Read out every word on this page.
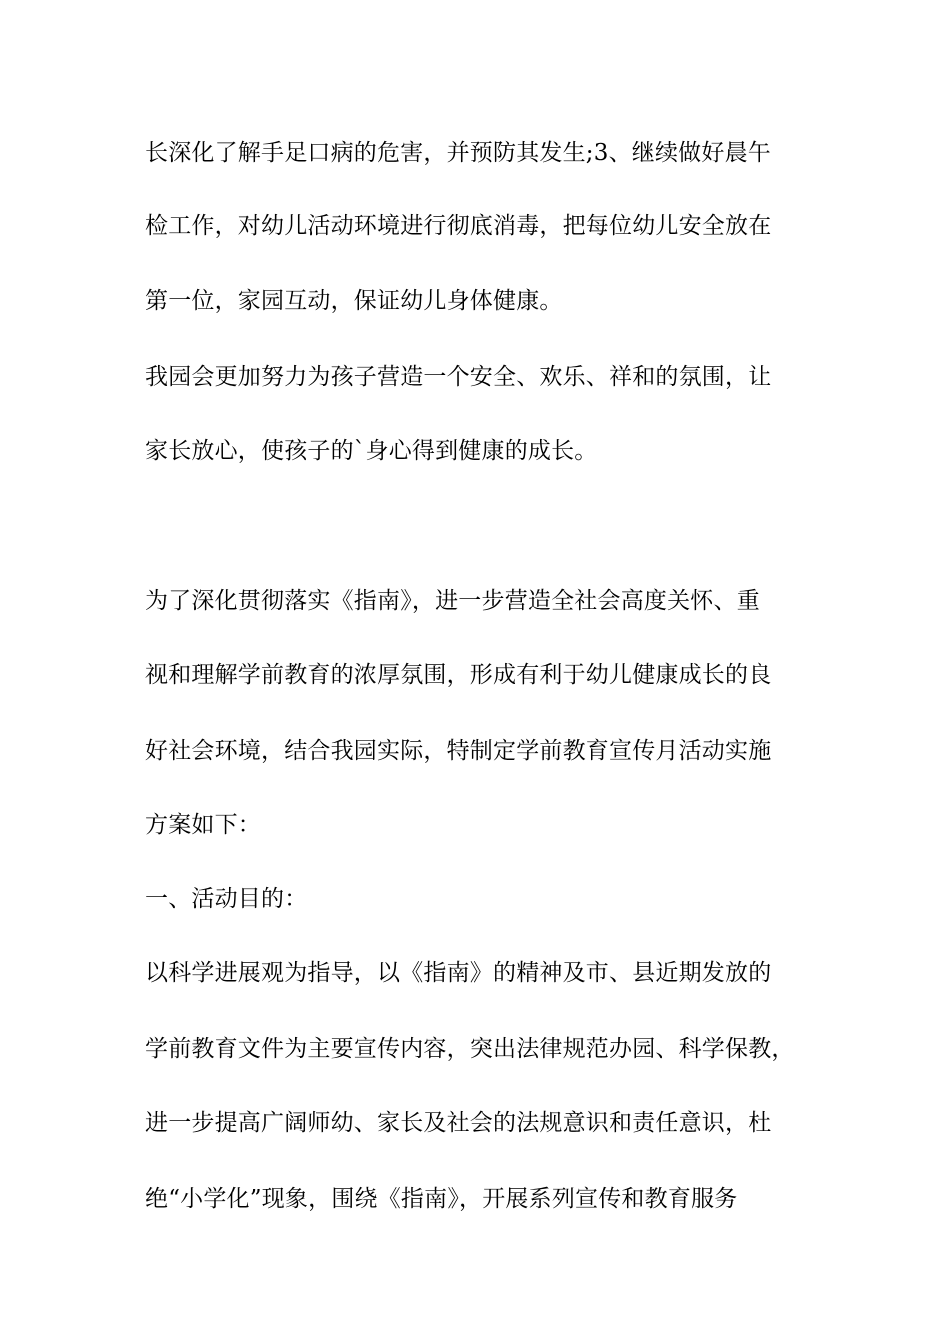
长深化了解手足口病的危害，并预防其发生;3、继续做好晨午
检工作，对幼儿活动环境进行彻底消毒，把每位幼儿安全放在
第一位，家园互动，保证幼儿身体健康。
我园会更加努力为孩子营造一个安全、欢乐、祥和的氛围，让
家长放心，使孩子的`身心得到健康的成长。
为了深化贯彻落实《指南》，进一步营造全社会高度关怀、重
视和理解学前教育的浓厚氛围，形成有利于幼儿健康成长的良
好社会环境，结合我园实际，特制定学前教育宣传月活动实施
方案如下：
一、活动目的：
以科学进展观为指导，以《指南》的精神及市、县近期发放的
学前教育文件为主要宣传内容，突出法律规范办园、科学保教，
进一步提高广阔师幼、家长及社会的法规意识和责任意识，杜
绝“小学化”现象，围绕《指南》，开展系列宣传和教育服务
